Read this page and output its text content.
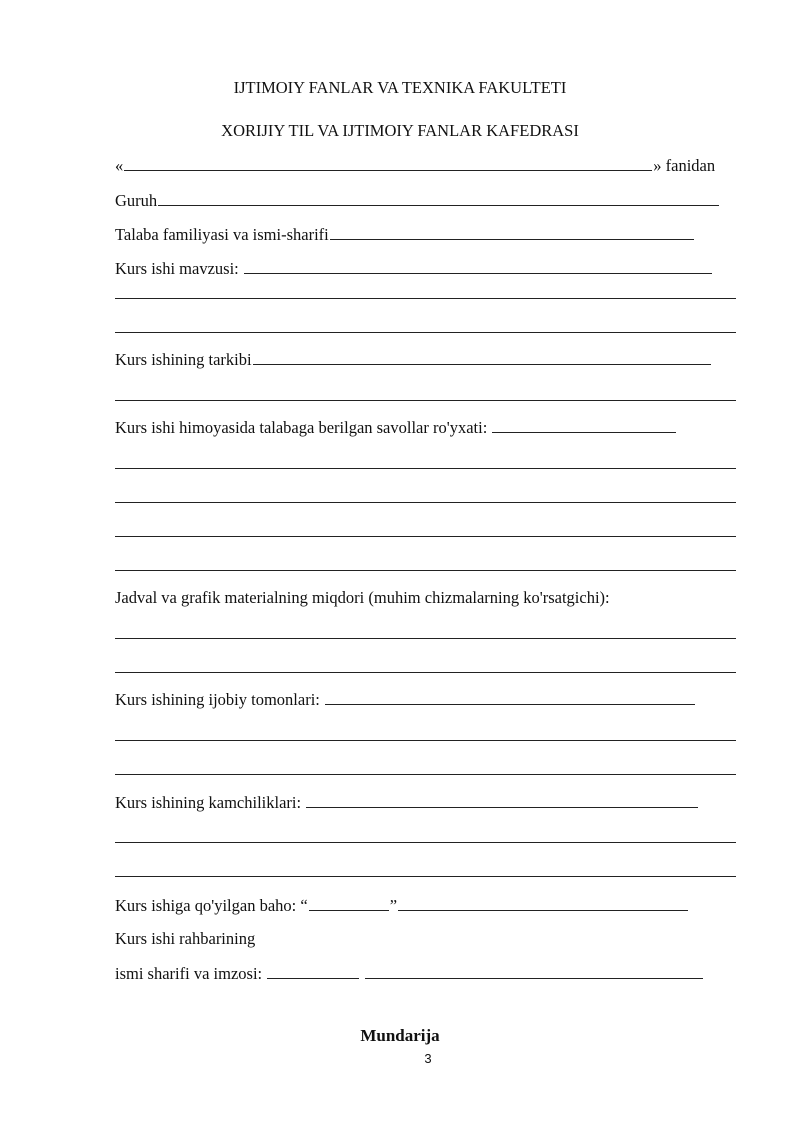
IJTIMOIY FANLAR VA TEXNIKA FAKULTETI
XORIJIY TIL VA IJTIMOIY FANLAR KAFEDRASI
«	» fanidan
Guruh
Talaba familiyasi va ismi-sharifi
Kurs ishi mavzusi:
Kurs ishining tarkibi
Kurs ishi himoyasida talabaga berilgan savollar ro'yxati:
Jadval va grafik materialning miqdori (muhim chizmalarning ko'rsatgichi):
Kurs ishining ijobiy tomonlari:
Kurs ishining kamchiliklari:
Kurs ishiga qo'yilgan baho: “	”
Kurs ishi rahbarining
ismi sharifi va imzosi:
Mundarija
3
